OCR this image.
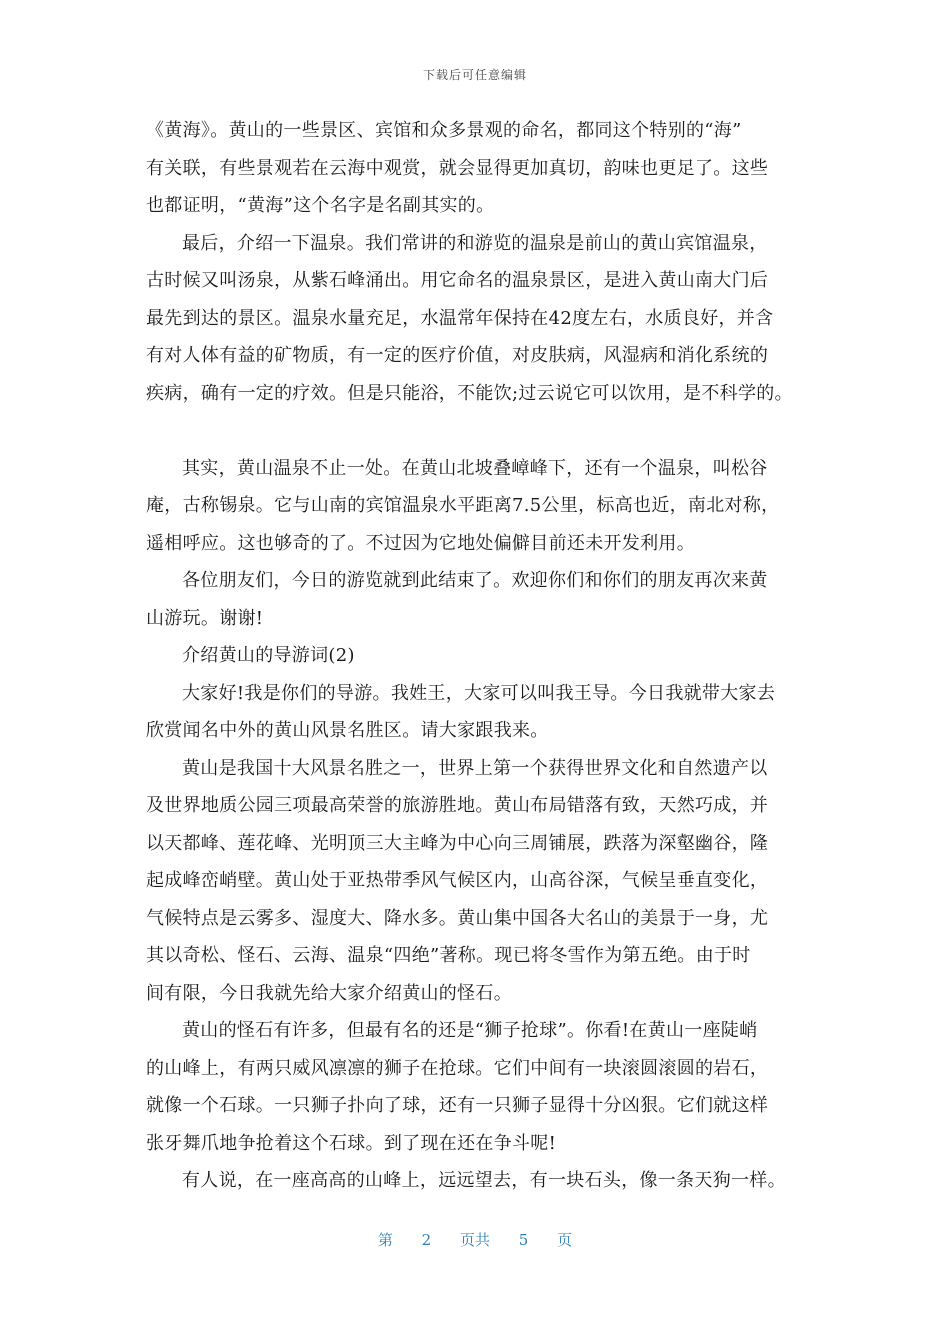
下载后可任意编辑
《黄海》。黄山的一些景区、宾馆和众多景观的命名，都同这个特别的“海”
有关联，有些景观若在云海中观赏，就会显得更加真切，韵味也更足了。这些
也都证明，“黄海”这个名字是名副其实的。
最后，介绍一下温泉。我们常讲的和游览的温泉是前山的黄山宾馆温泉，
古时候又叫汤泉，从紫石峰涌出。用它命名的温泉景区，是进入黄山南大门后
最先到达的景区。温泉水量充足，水温常年保持在42度左右，水质良好，并含
有对人体有益的矿物质，有一定的医疗价值，对皮肤病，风湿病和消化系统的
疾病，确有一定的疗效。但是只能浴，不能饮;过云说它可以饮用，是不科学的。
其实，黄山温泉不止一处。在黄山北坡叠嶂峰下，还有一个温泉，叫松谷
庵，古称锡泉。它与山南的宾馆温泉水平距离7.5公里，标高也近，南北对称，
遥相呼应。这也够奇的了。不过因为它地处偏僻目前还未开发利用。
各位朋友们，今日的游览就到此结束了。欢迎你们和你们的朋友再次来黄
山游玩。谢谢!
介绍黄山的导游词(2)
大家好!我是你们的导游。我姓王，大家可以叫我王导。今日我就带大家去
欣赏闻名中外的黄山风景名胜区。请大家跟我来。
黄山是我国十大风景名胜之一，世界上第一个获得世界文化和自然遗产以
及世界地质公园三项最高荣誉的旅游胜地。黄山布局错落有致，天然巧成，并
以天都峰、莲花峰、光明顶三大主峰为中心向三周铺展，跌落为深壑幽谷，隆
起成峰峦峭壁。黄山处于亚热带季风气候区内，山高谷深，气候呈垂直变化，
气候特点是云雾多、湿度大、降水多。黄山集中国各大名山的美景于一身，尤
其以奇松、怪石、云海、温泉“四绝”著称。现已将冬雪作为第五绝。由于时
间有限，今日我就先给大家介绍黄山的怪石。
黄山的怪石有许多，但最有名的还是“狮子抢球”。你看!在黄山一座陡峭
的山峰上，有两只威风凛凛的狮子在抢球。它们中间有一块滚圆滚圆的岩石，
就像一个石球。一只狮子扑向了球，还有一只狮子显得十分凶狠。它们就这样
张牙舞爪地争抢着这个石球。到了现在还在争斗呢!
有人说，在一座高高的山峰上，远远望去，有一块石头，像一条天狗一样。
第 2 页共 5 页
